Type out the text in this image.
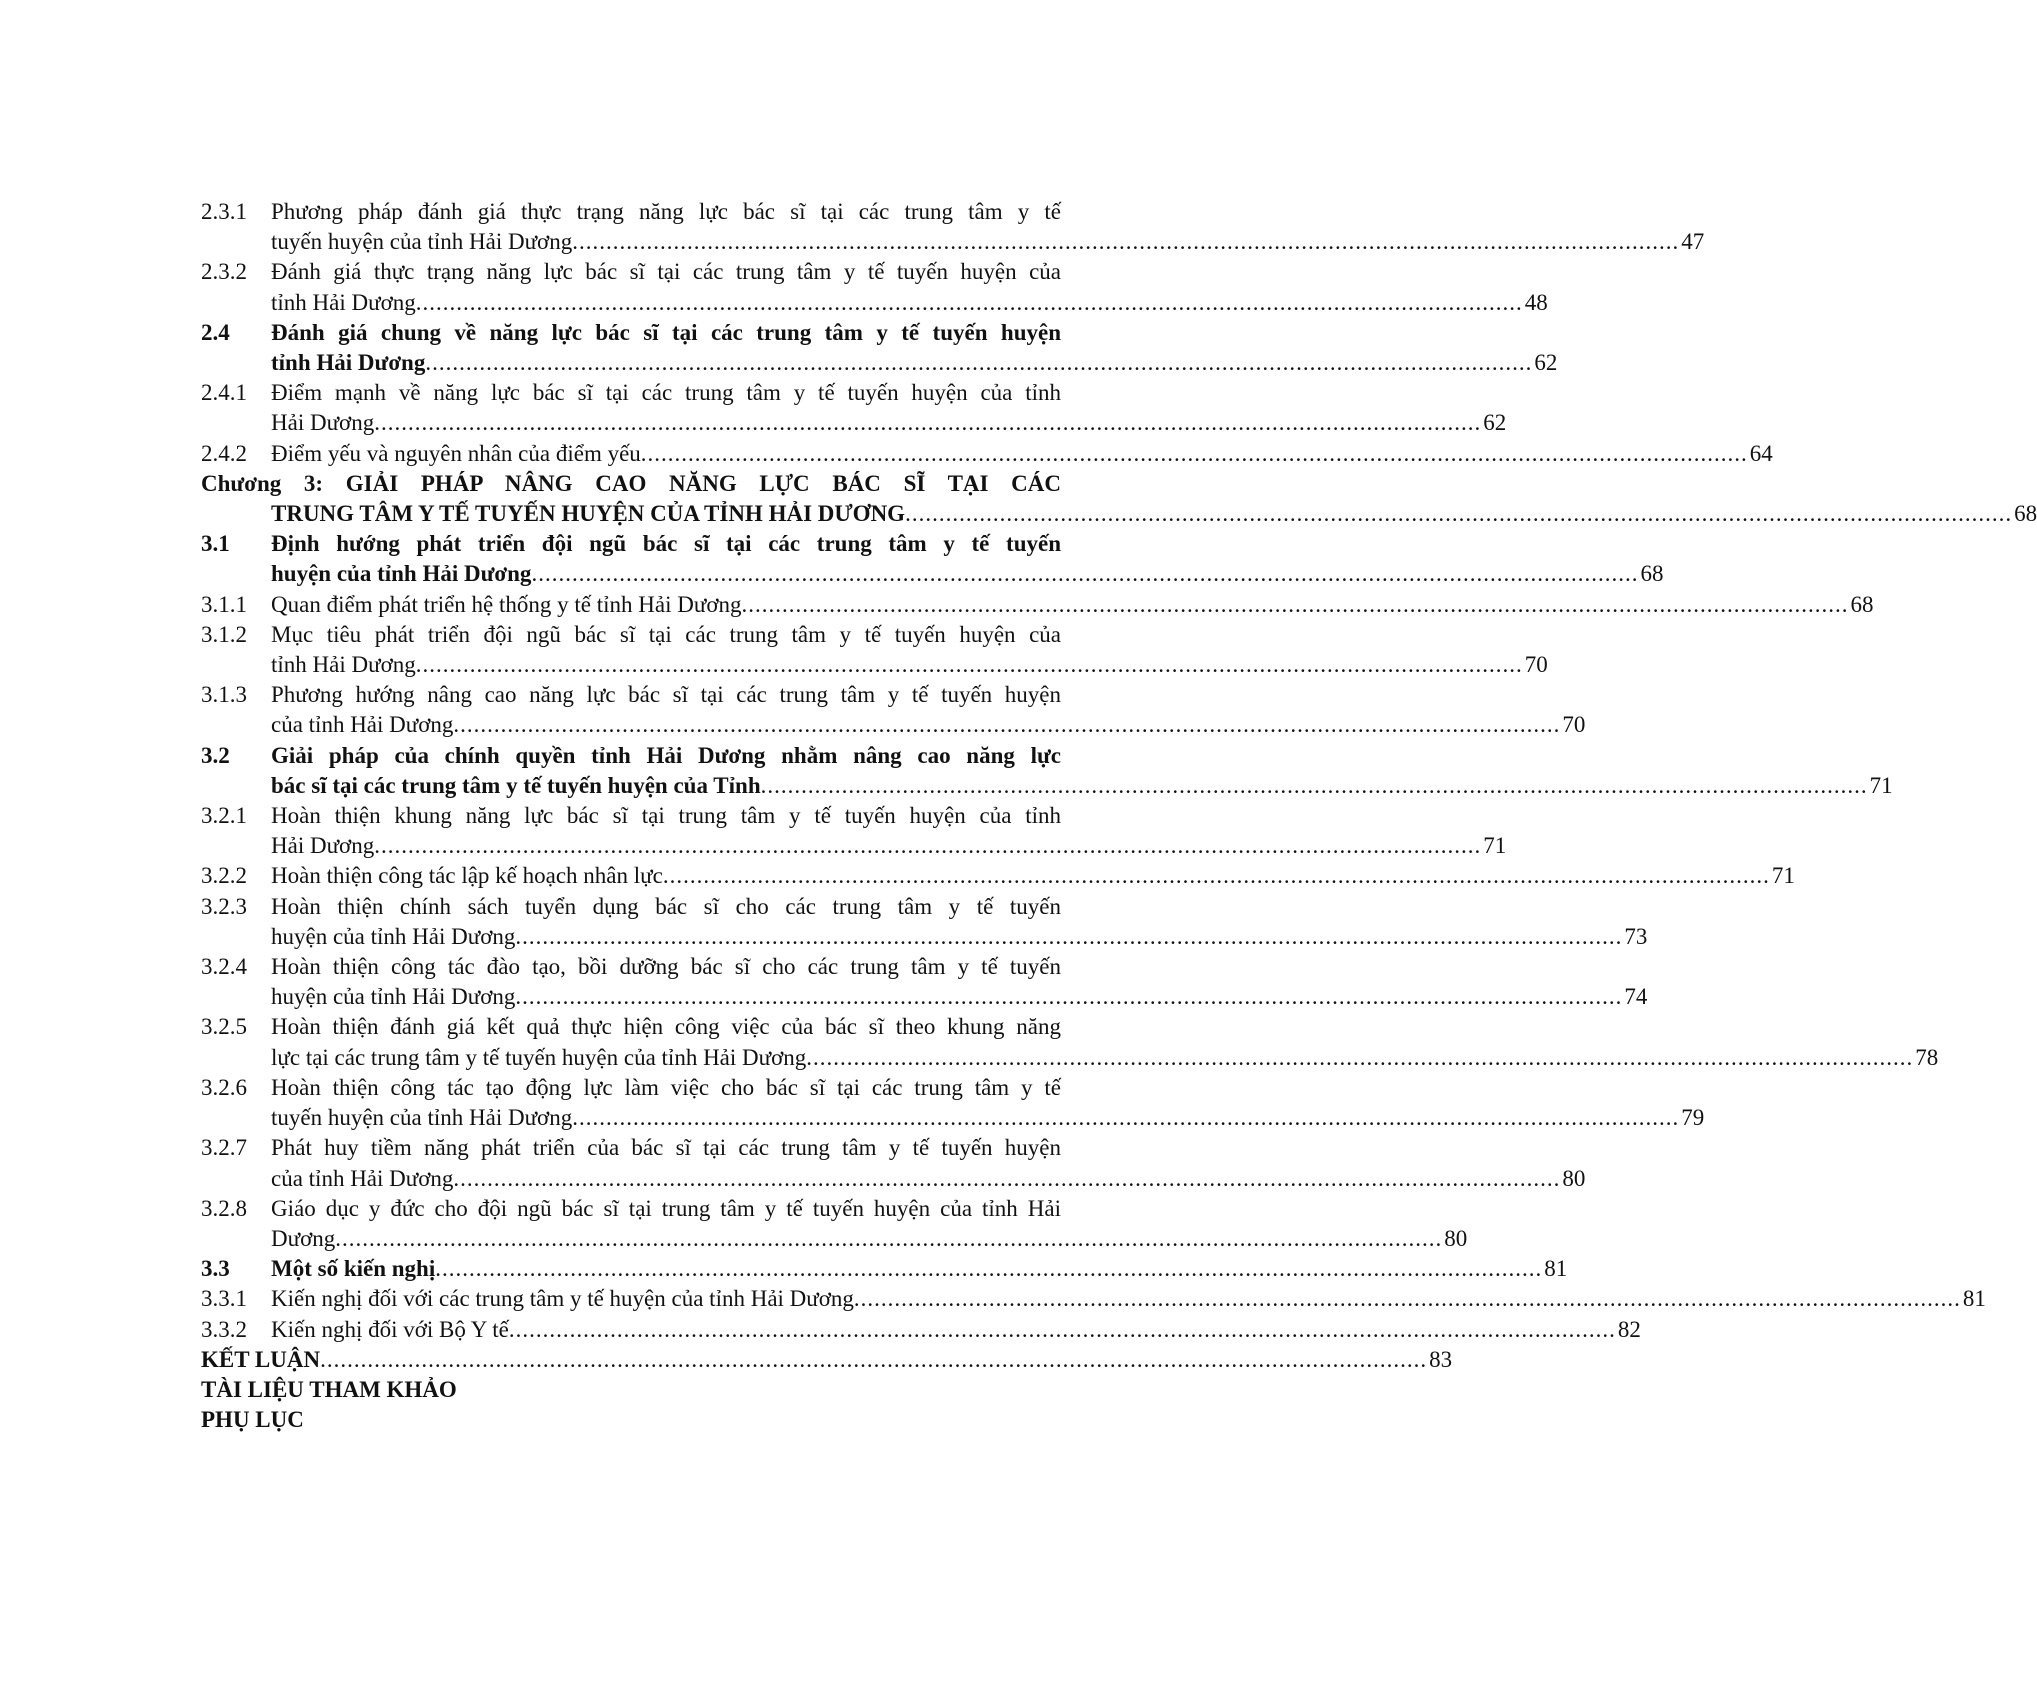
2.3.1	Phương pháp đánh giá thực trạng năng lực bác sĩ tại các trung tâm y tế
tuyến huyện của tỉnh Hải Dương .................................................................................................................................................................... 47
2.3.2	Đánh giá thực trạng năng lực bác sĩ tại các trung tâm y tế tuyến huyện của
tỉnh Hải Dương .................................................................................................................................................................... 48
2.4	Đánh giá chung về năng lực bác sĩ tại các trung tâm y tế tuyến huyện
tỉnh Hải Dương .................................................................................................................................................................... 62
2.4.1	Điểm mạnh về năng lực bác sĩ tại các trung tâm y tế tuyến huyện của tỉnh
Hải Dương .................................................................................................................................................................... 62
2.4.2	Điểm yếu và nguyên nhân của điểm yếu .................................................................................................................................................................... 64
Chương 3: GIẢI PHÁP NÂNG CAO NĂNG LỰC BÁC SĨ TẠI CÁC
TRUNG TÂM Y TẾ TUYẾN HUYỆN CỦA TỈNH HẢI DƯƠNG .................................................................................................................................................................... 68
3.1	Định hướng phát triển đội ngũ bác sĩ tại các trung tâm y tế tuyến
huyện của tỉnh Hải Dương .................................................................................................................................................................... 68
3.1.1	Quan điểm phát triển hệ thống y tế tỉnh Hải Dương .................................................................................................................................................................... 68
3.1.2	Mục tiêu phát triển đội ngũ bác sĩ tại các trung tâm y tế tuyến huyện của
tỉnh Hải Dương .................................................................................................................................................................... 70
3.1.3	Phương hướng nâng cao năng lực bác sĩ tại các trung tâm y tế tuyến huyện
của tỉnh Hải Dương .................................................................................................................................................................... 70
3.2	Giải pháp của chính quyền tỉnh Hải Dương nhằm nâng cao năng lực
bác sĩ tại các trung tâm y tế tuyến huyện của Tỉnh .................................................................................................................................................................... 71
3.2.1	Hoàn thiện khung năng lực bác sĩ tại trung tâm y tế tuyến huyện của tỉnh
Hải Dương .................................................................................................................................................................... 71
3.2.2	Hoàn thiện công tác lập kế hoạch nhân lực .................................................................................................................................................................... 71
3.2.3	Hoàn thiện chính sách tuyển dụng bác sĩ cho các trung tâm y tế tuyến
huyện của tỉnh Hải Dương .................................................................................................................................................................... 73
3.2.4	Hoàn thiện công tác đào tạo, bồi dưỡng bác sĩ cho các trung tâm y tế tuyến
huyện của tỉnh Hải Dương .................................................................................................................................................................... 74
3.2.5	Hoàn thiện đánh giá kết quả thực hiện công việc của bác sĩ theo khung năng
lực tại các trung tâm y tế tuyến huyện của tỉnh Hải Dương .................................................................................................................................................................... 78
3.2.6	Hoàn thiện công tác tạo động lực làm việc cho bác sĩ tại các trung tâm y tế
tuyến huyện của tỉnh Hải Dương .................................................................................................................................................................... 79
3.2.7	Phát huy tiềm năng phát triển của bác sĩ tại các trung tâm y tế tuyến huyện
của tỉnh Hải Dương .................................................................................................................................................................... 80
3.2.8	Giáo dục y đức cho đội ngũ bác sĩ tại trung tâm y tế tuyến huyện của tỉnh Hải
Dương .................................................................................................................................................................... 80
3.3	Một số kiến nghị .................................................................................................................................................................... 81
3.3.1	Kiến nghị đối với các trung tâm y tế huyện của tỉnh Hải Dương .................................................................................................................................................................... 81
3.3.2	Kiến nghị đối với Bộ Y tế .................................................................................................................................................................... 82
KẾT LUẬN .................................................................................................................................................................... 83
TÀI LIỆU THAM KHẢO
PHỤ LỤC
